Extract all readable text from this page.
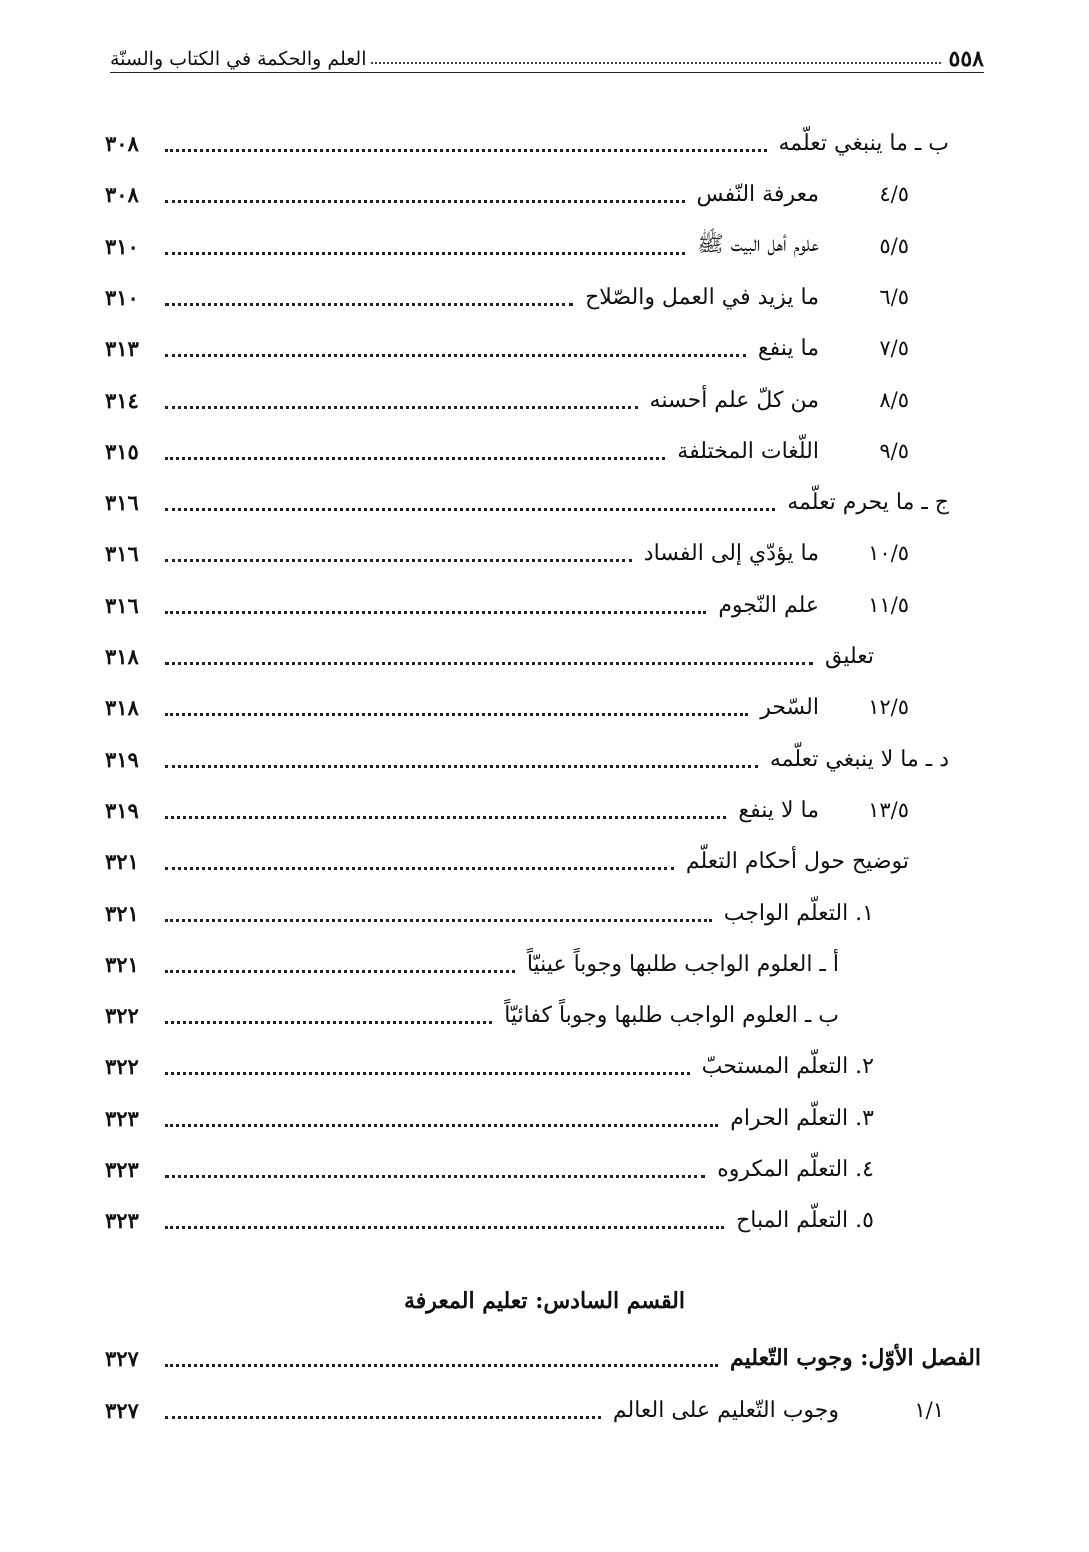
٥٥٨
العلم والحكمة في الكتاب والسنّة
ب ـ ما ينبغي تعلّمه
٣٠٨
٤/٥
معرفة النّفس
٣٠٨
٥/٥
علوم أهل البيت ﷺ
٣١٠
٦/٥
ما يزيد في العمل والصّلاح
٣١٠
٧/٥
ما ينفع
٣١٣
٨/٥
من كلّ علم أحسنه
٣١٤
٩/٥
اللّغات المختلفة
٣١٥
ج ـ ما يحرم تعلّمه
٣١٦
١٠/٥
ما يؤدّي إلى الفساد
٣١٦
١١/٥
علم النّجوم
٣١٦
تعليق
٣١٨
١٢/٥
السّحر
٣١٨
د ـ ما لا ينبغي تعلّمه
٣١٩
١٣/٥
ما لا ينفع
٣١٩
توضيح حول أحكام التعلّم
٣٢١
١. التعلّم الواجب
٣٢١
أ ـ العلوم الواجب طلبها وجوباً عينيّاً
٣٢١
ب ـ العلوم الواجب طلبها وجوباً كفائيّاً
٣٢٢
٢. التعلّم المستحبّ
٣٢٢
٣. التعلّم الحرام
٣٢٣
٤. التعلّم المكروه
٣٢٣
٥. التعلّم المباح
٣٢٣
القسم السادس: تعليم المعرفة
الفصل الأوّل: وجوب التّعليم
٣٢٧
١/١
وجوب التّعليم على العالم
٣٢٧
